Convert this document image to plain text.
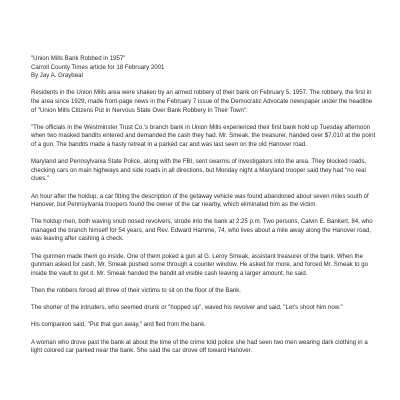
"Union Mills Bank Robbed in 1957"

Carroll County Times article for 18 February 2001

By Jay A. Graybeal

Residents in the Union Mills area were shaken by an armed robbery of their bank on February 5, 1957. The robbery, the first in the area since 1929, made front-page news in the February 7 issue of the Democratic Advocate newspaper under the headline of "Union Mills Citizens Put in Nervous State Over Bank Robbery In Their Town":

"The officials in the Westminster Trust Co.'s branch bank in Union Mills experienced their first bank hold up Tuesday afternoon when two masked bandits entered and demanded the cash they had. Mr. Smeak, the treasurer, handed over $7,010 at the point of a gun. The bandits made a hasty retreat in a parked car and was last seen on the old Hanover road.

Maryland and Pennsylvania State Police, along with the FBI, sent swarms of investigators into the area. They blocked roads, checking cars on main highways and side roads in all directions, but Monday night a Maryland trooper said they had "no real clues."

An hour after the holdup, a car fitting the description of the getaway vehicle was found abandoned about seven miles south of Hanover, but Pennsylvania troopers found the owner of the car nearby, which eliminated him as the victim.

The holdup men, both waving snub nosed revolvers, strode into the bank at 2:25 p.m. Two persons, Calvin E. Bankert, 84, who managed the branch himself for 54 years, and Rev. Edward Hamme, 74, who lives about a mile away along the Hanover road, was leaving after cashing a check.

The gunmen made them go inside. One of them poked a gun at G. Leroy Smeak, assistant treasurer of the bank. When the gunman asked for cash, Mr. Smeak pushed some through a counter window. He asked for more, and forced Mr. Smeak to go inside the vault to get it. Mr. Smeak handed the bandit all visible cash leaving a larger amount, he said.

Then the robbers forced all three of their victims to sit on the floor of the Bank.

The shorter of the intruders, who seemed drunk or "hopped up", waved his revolver and said, "Let's shoot him now."

His companion said, "Put that gun away," and fled from the bank.

A woman who drove past the bank at about the time of the crime told police she had seen two men wearing dark clothing in a light colored car parked near the bank. She said the car drove off toward Hanover.
